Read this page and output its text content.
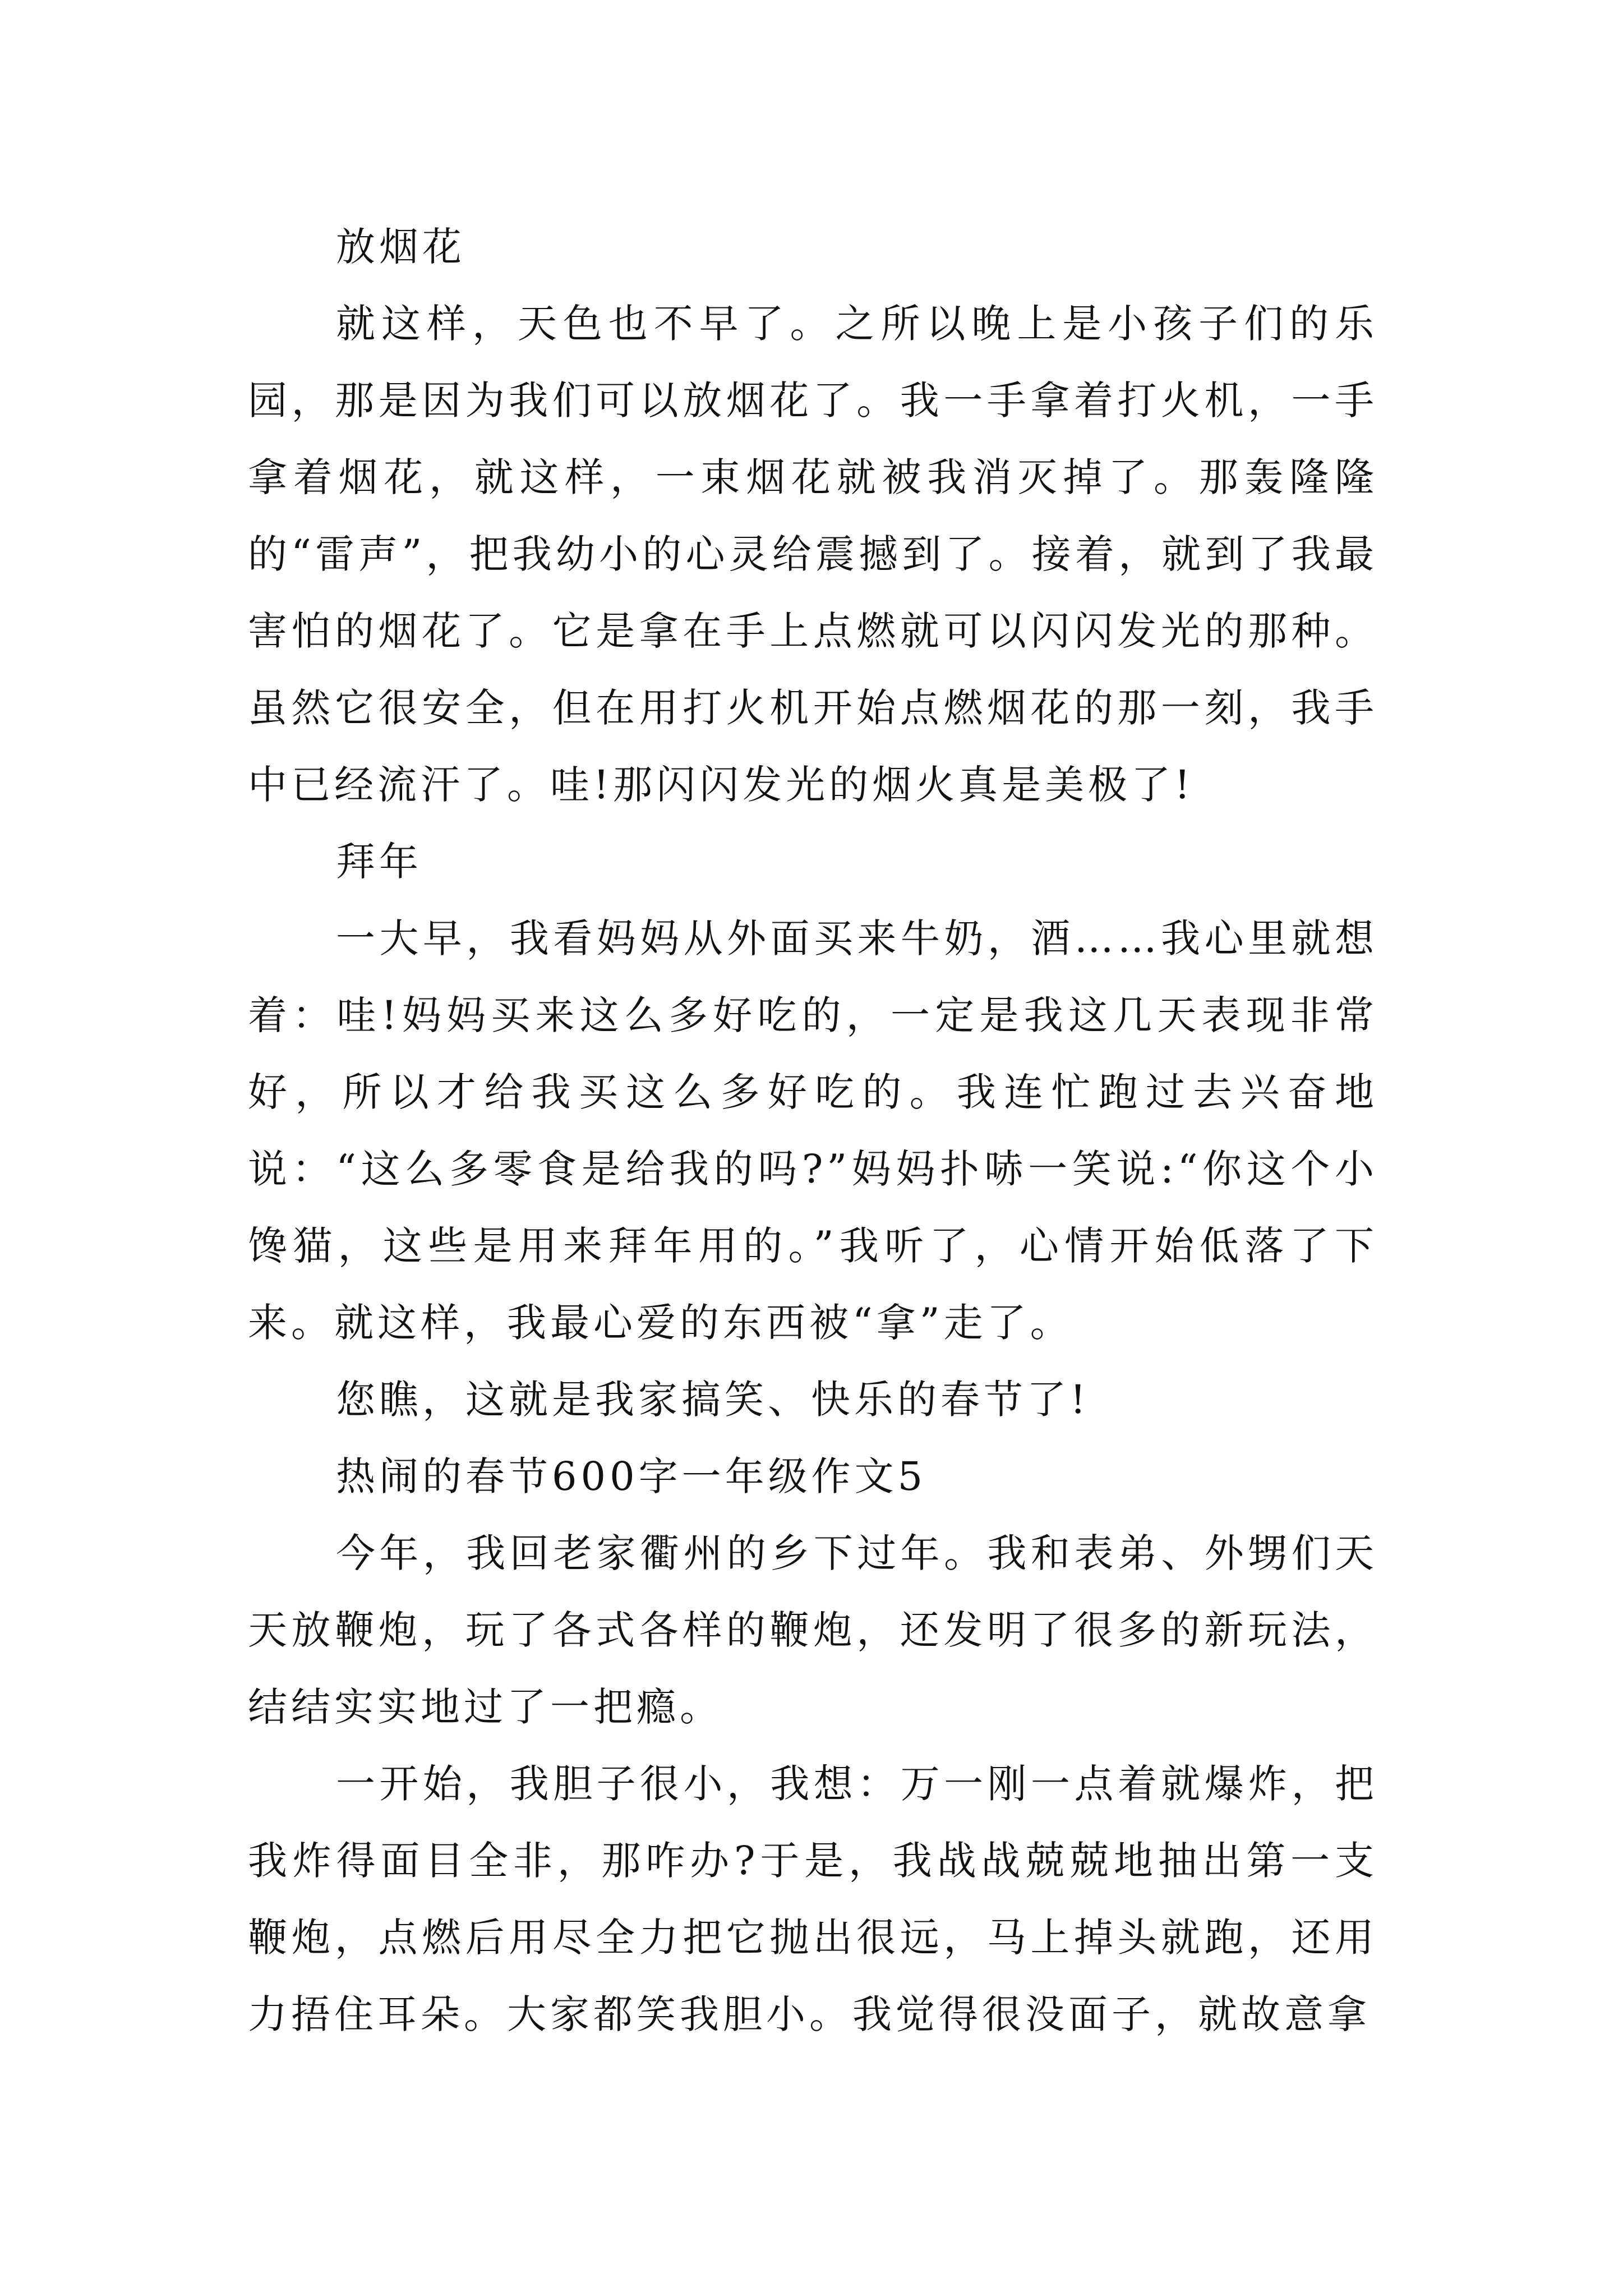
放烟花

就这样，天色也不早了。之所以晚上是小孩子们的乐园，那是因为我们可以放烟花了。我一手拿着打火机，一手拿着烟花，就这样，一束烟花就被我消灭掉了。那轰隆隆的“雷声”，把我幼小的心灵给震撼到了。接着，就到了我最害怕的烟花了。它是拿在手上点燃就可以闪闪发光的那种。虽然它很安全，但在用打火机开始点燃烟花的那一刻，我手中已经流汗了。哇!那闪闪发光的烟火真是美极了!

拜年

一大早，我看妈妈从外面买来牛奶，酒……我心里就想着：哇!妈妈买来这么多好吃的，一定是我这几天表现非常好，所以才给我买这么多好吃的。我连忙跑过去兴奋地说：“这么多零食是给我的吗?”妈妈扑哧一笑说:“你这个小馋猫，这些是用来拜年用的。”我听了，心情开始低落了下来。就这样，我最心爱的东西被“拿”走了。

您瞧，这就是我家搞笑、快乐的春节了!

热闹的春节600字一年级作文5

今年，我回老家衢州的乡下过年。我和表弟、外甥们天天放鞭炮，玩了各式各样的鞭炮，还发明了很多的新玩法，结结实实地过了一把瘾。

一开始，我胆子很小，我想：万一刚一点着就爆炸，把我炸得面目全非，那咋办?于是，我战战兢兢地抽出第一支鞭炮，点燃后用尽全力把它抛出很远，马上掉头就跑，还用力捂住耳朵。大家都笑我胆小。我觉得很没面子，就故意拿
